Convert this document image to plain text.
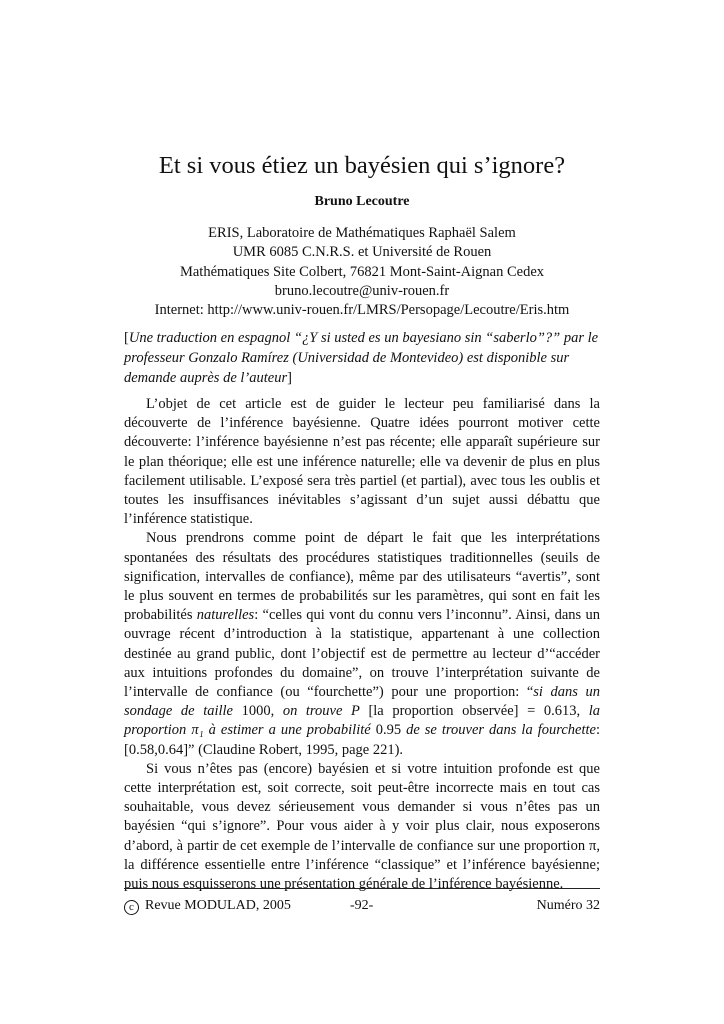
Et si vous étiez un bayésien qui s’ignore?
Bruno Lecoutre
ERIS, Laboratoire de Mathématiques Raphaël Salem
UMR 6085 C.N.R.S. et Université de Rouen
Mathématiques Site Colbert, 76821 Mont-Saint-Aignan Cedex
bruno.lecoutre@univ-rouen.fr
Internet: http://www.univ-rouen.fr/LMRS/Persopage/Lecoutre/Eris.htm
[Une traduction en espagnol “¿Y si usted es un bayesiano sin “saberlo”?” par le professeur Gonzalo Ramírez (Universidad de Montevideo) est disponible sur demande auprès de l’auteur]

L’objet de cet article est de guider le lecteur peu familiarisé dans la découverte de l’inférence bayésienne. Quatre idées pourront motiver cette découverte: l’inférence bayésienne n’est pas récente; elle apparaît supérieure sur le plan théorique; elle est une inférence naturelle; elle va devenir de plus en plus facilement utilisable. L’exposé sera très partiel (et partial), avec tous les oublis et toutes les insuffisances inévitables s’agissant d’un sujet aussi débattu que l’inférence statistique.

Nous prendrons comme point de départ le fait que les interprétations spontanées des résultats des procédures statistiques traditionnelles (seuils de signification, intervalles de confiance), même par des utilisateurs “avertis”, sont le plus souvent en termes de probabilités sur les paramètres, qui sont en fait les probabilités naturelles: “celles qui vont du connu vers l’inconnu”. Ainsi, dans un ouvrage récent d’introduction à la statistique, appartenant à une collection destinée au grand public, dont l’objectif est de permettre au lecteur d’“accéder aux intuitions profondes du domaine”, on trouve l’interprétation suivante de l’intervalle de confiance (ou “fourchette”) pour une proportion: “si dans un sondage de taille 1000, on trouve P [la proportion observée] = 0.613, la proportion π₁ à estimer a une probabilité 0.95 de se trouver dans la fourchette: [0.58,0.64]” (Claudine Robert, 1995, page 221).

Si vous n’êtes pas (encore) bayésien et si votre intuition profonde est que cette interprétation est, soit correcte, soit peut-être incorrecte mais en tout cas souhaitable, vous devez sérieusement vous demander si vous n’êtes pas un bayésien “qui s’ignore”. Pour vous aider à y voir plus clair, nous exposerons d’abord, à partir de cet exemple de l’intervalle de confiance sur une proportion π, la différence essentielle entre l’inférence “classique” et l’inférence bayésienne; puis nous esquisserons une présentation générale de l’inférence bayésienne.

c Revue MODULAD, 2005	-92-	Numéro 32
